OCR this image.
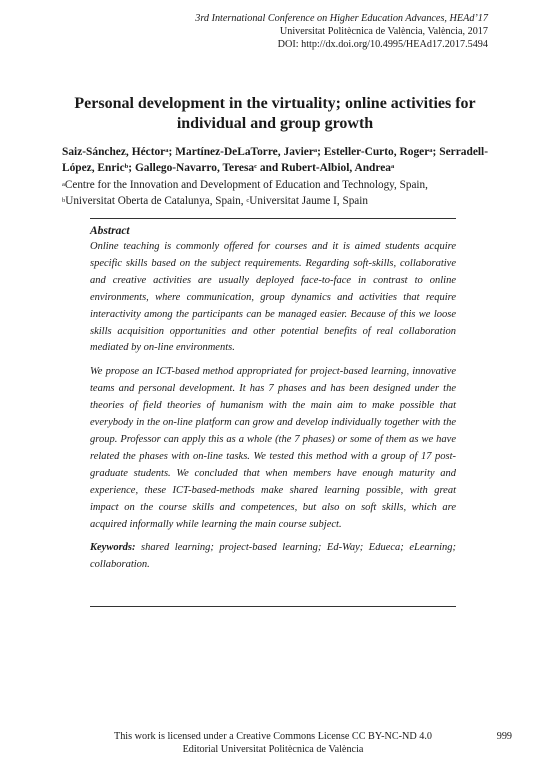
3rd International Conference on Higher Education Advances, HEAd’17
Universitat Politècnica de València, València, 2017
DOI: http://dx.doi.org/10.4995/HEAd17.2017.5494
Personal development in the virtuality; online activities for
individual and group growth
Saiz-Sánchez, Héctor$^a$; Martínez-DeLaTorre, Javier$^a$; Esteller-Curto, Roger$^a$; Serradell-López, Enric$^b$; Gallego-Navarro, Teresa$^c$ and Rubert-Albiol, Andrea$^a$
$^a$Centre for the Innovation and Development of Education and Technology, Spain,
$^b$Universitat Oberta de Catalunya, Spain, $^c$Universitat Jaume I, Spain
Abstract

Online teaching is commonly offered for courses and it is aimed students acquire specific skills based on the subject requirements. Regarding soft-skills, collaborative and creative activities are usually deployed face-to-face in contrast to online environments, where communication, group dynamics and activities that require interactivity among the participants can be managed easier. Because of this we loose skills acquisition opportunities and other potential benefits of real collaboration mediated by on-line environments.

We propose an ICT-based method appropriated for project-based learning, innovative teams and personal development. It has 7 phases and has been designed under the theories of field theories of humanism with the main aim to make possible that everybody in the on-line platform can grow and develop individually together with the group. Professor can apply this as a whole (the 7 phases) or some of them as we have related the phases with on-line tasks. We tested this method with a group of 17 post-graduate students. We concluded that when members have enough maturity and experience, these ICT-based-methods make shared learning possible, with great impact on the course skills and competences, but also on soft skills, which are acquired informally while learning the main course subject.

Keywords: shared learning; project-based learning; Ed-Way; Edueca; eLearning; collaboration.

This work is licensed under a Creative Commons License CC BY-NC-ND 4.0
Editorial Universitat Politècnica de València
999
